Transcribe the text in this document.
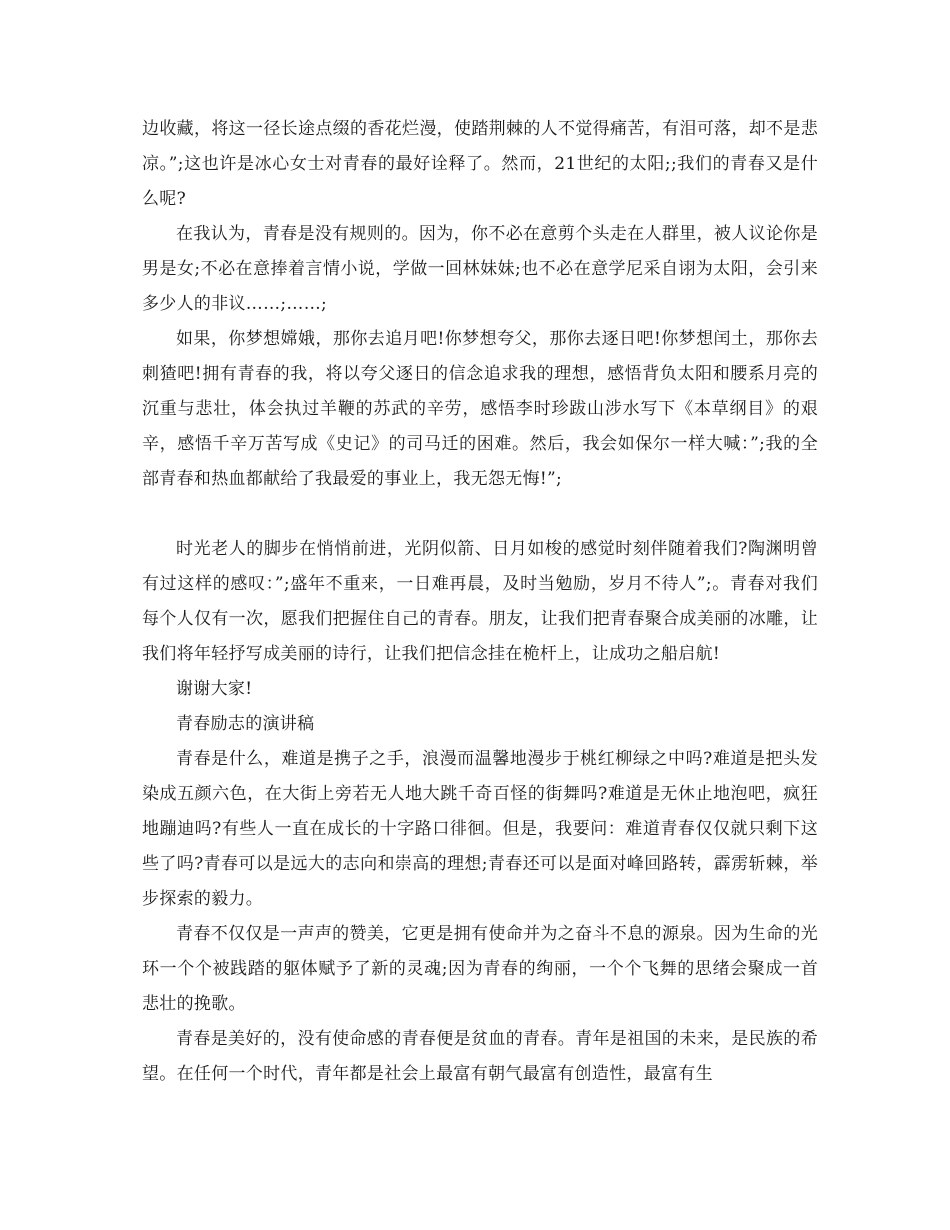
边收藏，将这一径长途点缀的香花烂漫，使踏荆棘的人不觉得痛苦，有泪可落，却不是悲凉。”;这也许是冰心女士对青春的最好诠释了。然而，21世纪的太阳;;我们的青春又是什么呢?

在我认为，青春是没有规则的。因为，你不必在意剪个头走在人群里，被人议论你是男是女;不必在意捧着言情小说，学做一回林妹妹;也不必在意学尼采自诩为太阳，会引来多少人的非议……;……;

如果，你梦想嫦娥，那你去追月吧!你梦想夸父，那你去逐日吧!你梦想闰土，那你去刺猹吧!拥有青春的我，将以夸父逐日的信念追求我的理想，感悟背负太阳和腰系月亮的沉重与悲壮，体会执过羊鞭的苏武的辛劳，感悟李时珍跋山涉水写下《本草纲目》的艰辛，感悟千辛万苦写成《史记》的司马迁的困难。然后，我会如保尔一样大喊：”;我的全部青春和热血都献给了我最爱的事业上，我无怨无悔!”;

时光老人的脚步在悄悄前进，光阴似箭、日月如梭的感觉时刻伴随着我们?陶渊明曾有过这样的感叹：”;盛年不重来，一日难再晨，及时当勉励，岁月不待人”;。青春对我们每个人仅有一次，愿我们把握住自己的青春。朋友，让我们把青春聚合成美丽的冰雕，让我们将年轻抒写成美丽的诗行，让我们把信念挂在桅杆上，让成功之船启航!

谢谢大家!

青春励志的演讲稿

青春是什么，难道是携子之手，浪漫而温馨地漫步于桃红柳绿之中吗?难道是把头发染成五颜六色，在大街上旁若无人地大跳千奇百怪的街舞吗?难道是无休止地泡吧，疯狂地蹦迪吗?有些人一直在成长的十字路口徘徊。但是，我要问：难道青春仅仅就只剩下这些了吗?青春可以是远大的志向和崇高的理想;青春还可以是面对峰回路转，霹雳斩棘，举步探索的毅力。

青春不仅仅是一声声的赞美，它更是拥有使命并为之奋斗不息的源泉。因为生命的光环一个个被践踏的躯体赋予了新的灵魂;因为青春的绚丽，一个个飞舞的思绪会聚成一首悲壮的挽歌。

青春是美好的，没有使命感的青春便是贫血的青春。青年是祖国的未来，是民族的希望。在任何一个时代，青年都是社会上最富有朝气最富有创造性，最富有生
